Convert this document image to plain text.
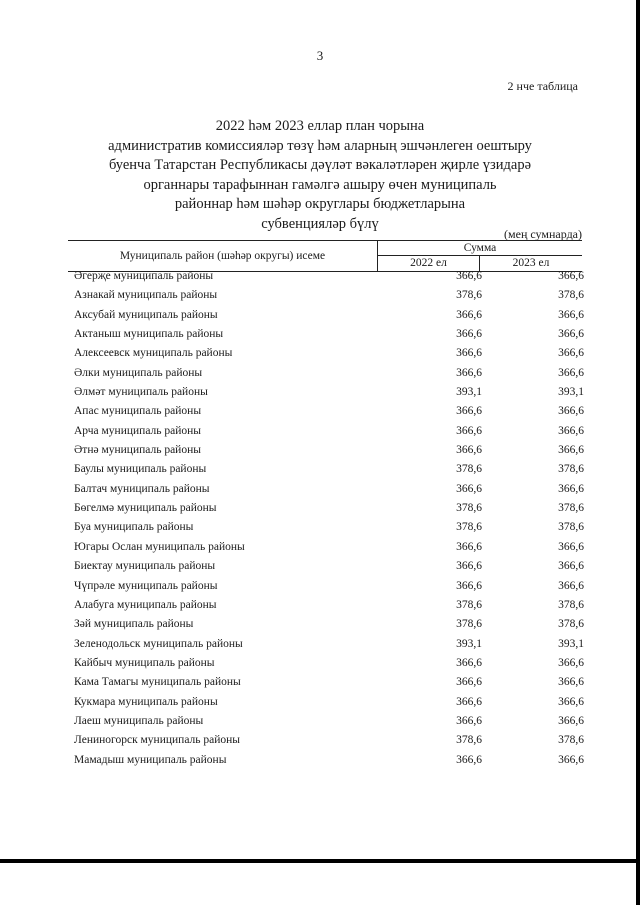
3
2 нче таблица
2022 һәм 2023 еллар план чорына
административ комиссияләр төзү һәм аларның эшчәнлеген оештыру
буенча Татарстан Республикасы дәүләт вәкаләтләрен җирле үзидарә
органнары тарафыннан гамәлгә ашыру өчен муниципаль
районнар һәм шәһәр округлары бюджетларына
субвенцияләр бүлү
(мең сумнарда)
Муниципаль район (шәһәр округы) исеме
Сумма
2022 ел	2023 ел
Әгерҗе муниципаль районы	366,6	366,6
Азнакай муниципаль районы	378,6	378,6
Аксубай муниципаль районы	366,6	366,6
Актаныш муниципаль районы	366,6	366,6
Алексеевск муниципаль районы	366,6	366,6
Әлки муниципаль районы	366,6	366,6
Әлмәт муниципаль районы	393,1	393,1
Апас муниципаль районы	366,6	366,6
Арча муниципаль районы	366,6	366,6
Әтнә муниципаль районы	366,6	366,6
Баулы муниципаль районы	378,6	378,6
Балтач муниципаль районы	366,6	366,6
Бөгелмә муниципаль районы	378,6	378,6
Буа муниципаль районы	378,6	378,6
Югары Ослан муниципаль районы	366,6	366,6
Биектау муниципаль районы	366,6	366,6
Чүпрәле муниципаль районы	366,6	366,6
Алабуга муниципаль районы	378,6	378,6
Зәй муниципаль районы	378,6	378,6
Зеленодольск муниципаль районы	393,1	393,1
Кайбыч муниципаль районы	366,6	366,6
Кама Тамагы муниципаль районы	366,6	366,6
Кукмара муниципаль районы	366,6	366,6
Лаеш муниципаль районы	366,6	366,6
Лениногорск муниципаль районы	378,6	378,6
Мамадыш муниципаль районы	366,6	366,6
